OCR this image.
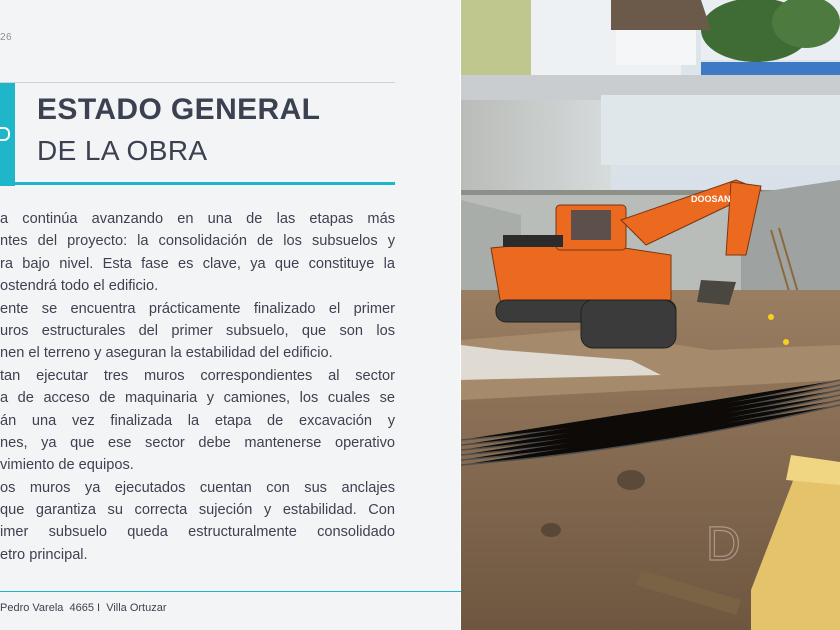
26
ESTADO GENERAL
DE LA OBRA
a continúa avanzando en una de las etapas más
ntes del proyecto: la consolidación de los subsuelos y
ra bajo nivel. Esta fase es clave, ya que constituye la
ostendrá todo el edificio.
ente se encuentra prácticamente finalizado el primer
uros estructurales del primer subsuelo, que son los
nen el terreno y aseguran la estabilidad del edificio.
tan ejecutar tres muros correspondientes al sector
a de acceso de maquinaria y camiones, los cuales se
án una vez finalizada la etapa de excavación y
nes, ya que ese sector debe mantenerse operativo
vimiento de equipos.
os muros ya ejecutados cuentan con sus anclajes
que garantiza su correcta sujeción y estabilidad. Con
imer subsuelo queda estructuralmente consolidado
etro principal.
Pedro Varela  4665 I  Villa Ortuzar
DOOSAN
D
